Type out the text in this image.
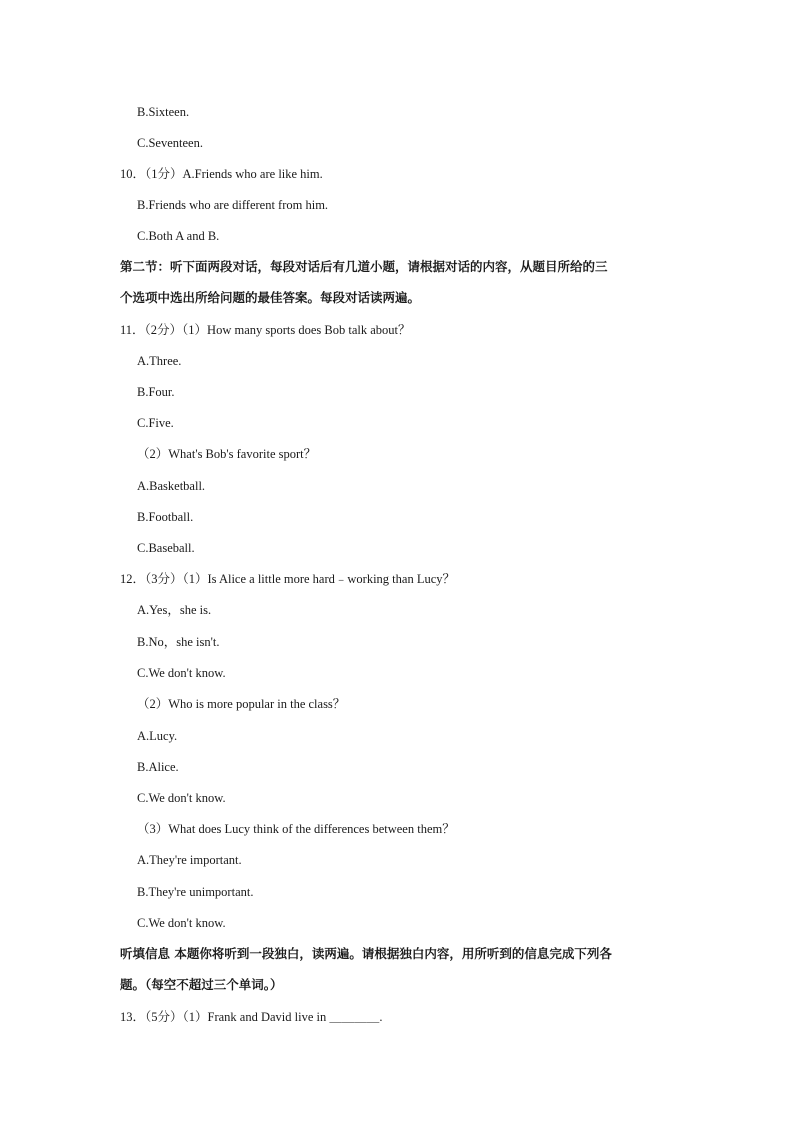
B.Sixteen.
C.Seventeen.
10．（1分）A.Friends who are like him.
B.Friends who are different from him.
C.Both A and B.
第二节：听下面两段对话，每段对话后有几道小题，请根据对话的内容，从题目所给的三
个选项中选出所给问题的最佳答案。每段对话读两遍。
11．（2分）（1）How many sports does Bob talk about？
A.Three.
B.Four.
C.Five.
（2）What's Bob's favorite sport？
A.Basketball.
B.Football.
C.Baseball.
12．（3分）（1）Is Alice a little more hard﹣working than Lucy？
A.Yes，she is.
B.No，she isn't.
C.We don't know.
（2）Who is more popular in the class？
A.Lucy.
B.Alice.
C.We don't know.
（3）What does Lucy think of the differences between them？
A.They're important.
B.They're unimportant.
C.We don't know.
听填信息 本题你将听到一段独白，读两遍。请根据独白内容，用所听到的信息完成下列各
题。（每空不超过三个单词。）
13．（5分）（1）Frank and David live in ＿＿＿＿.
